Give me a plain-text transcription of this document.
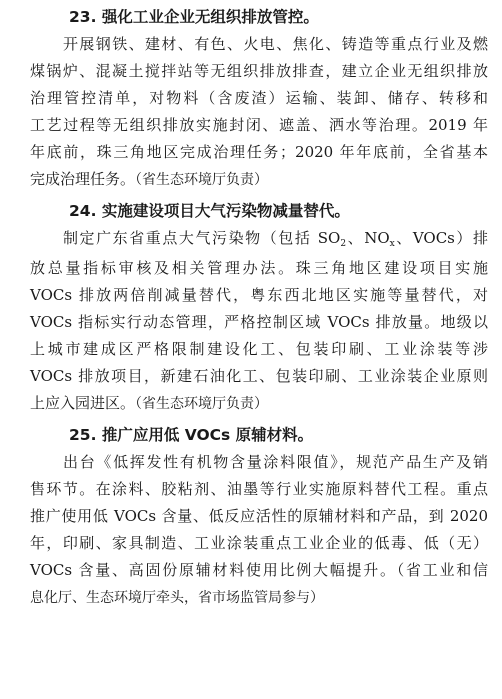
23. 强化工业企业无组织排放管控。

开展钢铁、建材、有色、火电、焦化、铸造等重点行业及燃
煤锅炉、混凝土搅拌站等无组织排放排查，建立企业无组织排放
治理管控清单，对物料（含废渣）运输、装卸、储存、转移和
工艺过程等无组织排放实施封闭、遮盖、洒水等治理。2019 年
年底前，珠三角地区完成治理任务；2020 年年底前，全省基本
完成治理任务。（省生态环境厅负责）

24. 实施建设项目大气污染物减量替代。

制定广东省重点大气污染物（包括 $SO_2$、$NO_x$、VOCs）排
放总量指标审核及相关管理办法。珠三角地区建设项目实施
VOCs 排放两倍削减量替代，粤东西北地区实施等量替代，对
VOCs 指标实行动态管理，严格控制区域 VOCs 排放量。地级以
上城市建成区严格限制建设化工、包装印刷、工业涂装等涉
VOCs 排放项目，新建石油化工、包装印刷、工业涂装企业原则
上应入园进区。（省生态环境厅负责）

25. 推广应用低 VOCs 原辅材料。

出台《低挥发性有机物含量涂料限值》，规范产品生产及销
售环节。在涂料、胶粘剂、油墨等行业实施原料替代工程。重点
推广使用低 VOCs 含量、低反应活性的原辅材料和产品，到 2020
年，印刷、家具制造、工业涂装重点工业企业的低毒、低（无）
VOCs 含量、高固份原辅材料使用比例大幅提升。（省工业和信
息化厅、生态环境厅牵头，省市场监管局参与）
